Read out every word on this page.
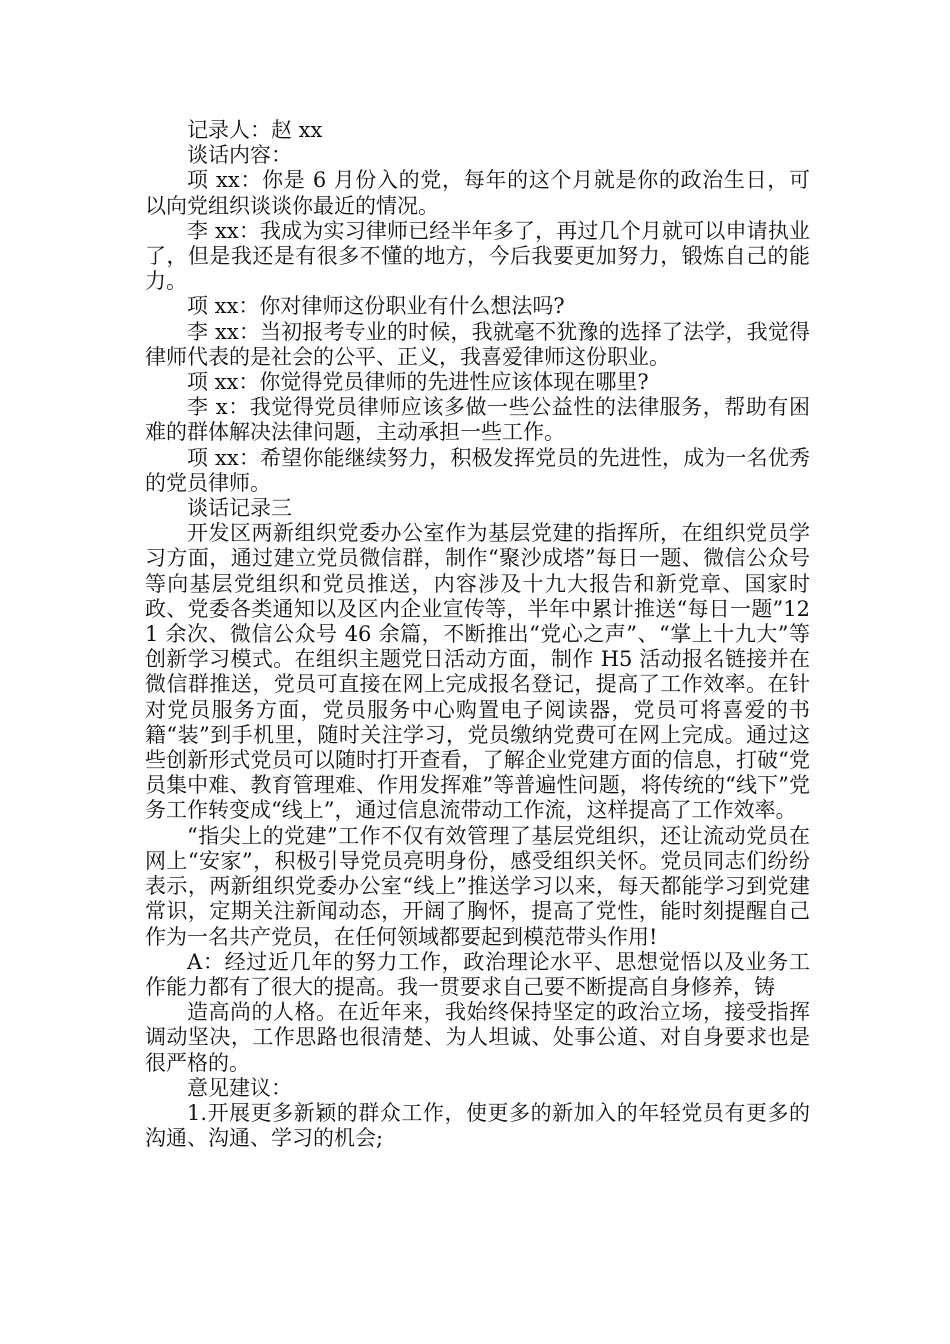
记录人：赵 xx

谈话内容：

项 xx：你是 6 月份入的党，每年的这个月就是你的政治生日，可以向党组织谈谈你最近的情况。

李 xx：我成为实习律师已经半年多了，再过几个月就可以申请执业了，但是我还是有很多不懂的地方，今后我要更加努力，锻炼自己的能力。

项 xx：你对律师这份职业有什么想法吗?

李 xx：当初报考专业的时候，我就毫不犹豫的选择了法学，我觉得律师代表的是社会的公平、正义，我喜爱律师这份职业。

项 xx：你觉得党员律师的先进性应该体现在哪里?

李 x：我觉得党员律师应该多做一些公益性的法律服务，帮助有困难的群体解决法律问题，主动承担一些工作。

项 xx：希望你能继续努力，积极发挥党员的先进性，成为一名优秀的党员律师。

谈话记录三

开发区两新组织党委办公室作为基层党建的指挥所，在组织党员学习方面，通过建立党员微信群，制作“聚沙成塔”每日一题、微信公众号等向基层党组织和党员推送，内容涉及十九大报告和新党章、国家时政、党委各类通知以及区内企业宣传等，半年中累计推送“每日一题”121 余次、微信公众号 46 余篇，不断推出“党心之声”、“掌上十九大”等创新学习模式。在组织主题党日活动方面，制作 H5 活动报名链接并在微信群推送，党员可直接在网上完成报名登记，提高了工作效率。在针对党员服务方面，党员服务中心购置电子阅读器，党员可将喜爱的书籍“装”到手机里，随时关注学习，党员缴纳党费可在网上完成。通过这些创新形式党员可以随时打开查看，了解企业党建方面的信息，打破“党员集中难、教育管理难、作用发挥难”等普遍性问题，将传统的“线下”党务工作转变成“线上”，通过信息流带动工作流，这样提高了工作效率。

“指尖上的党建”工作不仅有效管理了基层党组织，还让流动党员在网上“安家”，积极引导党员亮明身份，感受组织关怀。党员同志们纷纷表示，两新组织党委办公室“线上”推送学习以来，每天都能学习到党建常识，定期关注新闻动态，开阔了胸怀，提高了党性，能时刻提醒自己作为一名共产党员，在任何领域都要起到模范带头作用!

A：经过近几年的努力工作，政治理论水平、思想觉悟以及业务工作能力都有了很大的提高。我一贯要求自己要不断提高自身修养，铸

造高尚的人格。在近年来，我始终保持坚定的政治立场，接受指挥调动坚决，工作思路也很清楚、为人坦诚、处事公道、对自身要求也是很严格的。

意见建议：

1.开展更多新颖的群众工作，使更多的新加入的年轻党员有更多的沟通、沟通、学习的机会;
